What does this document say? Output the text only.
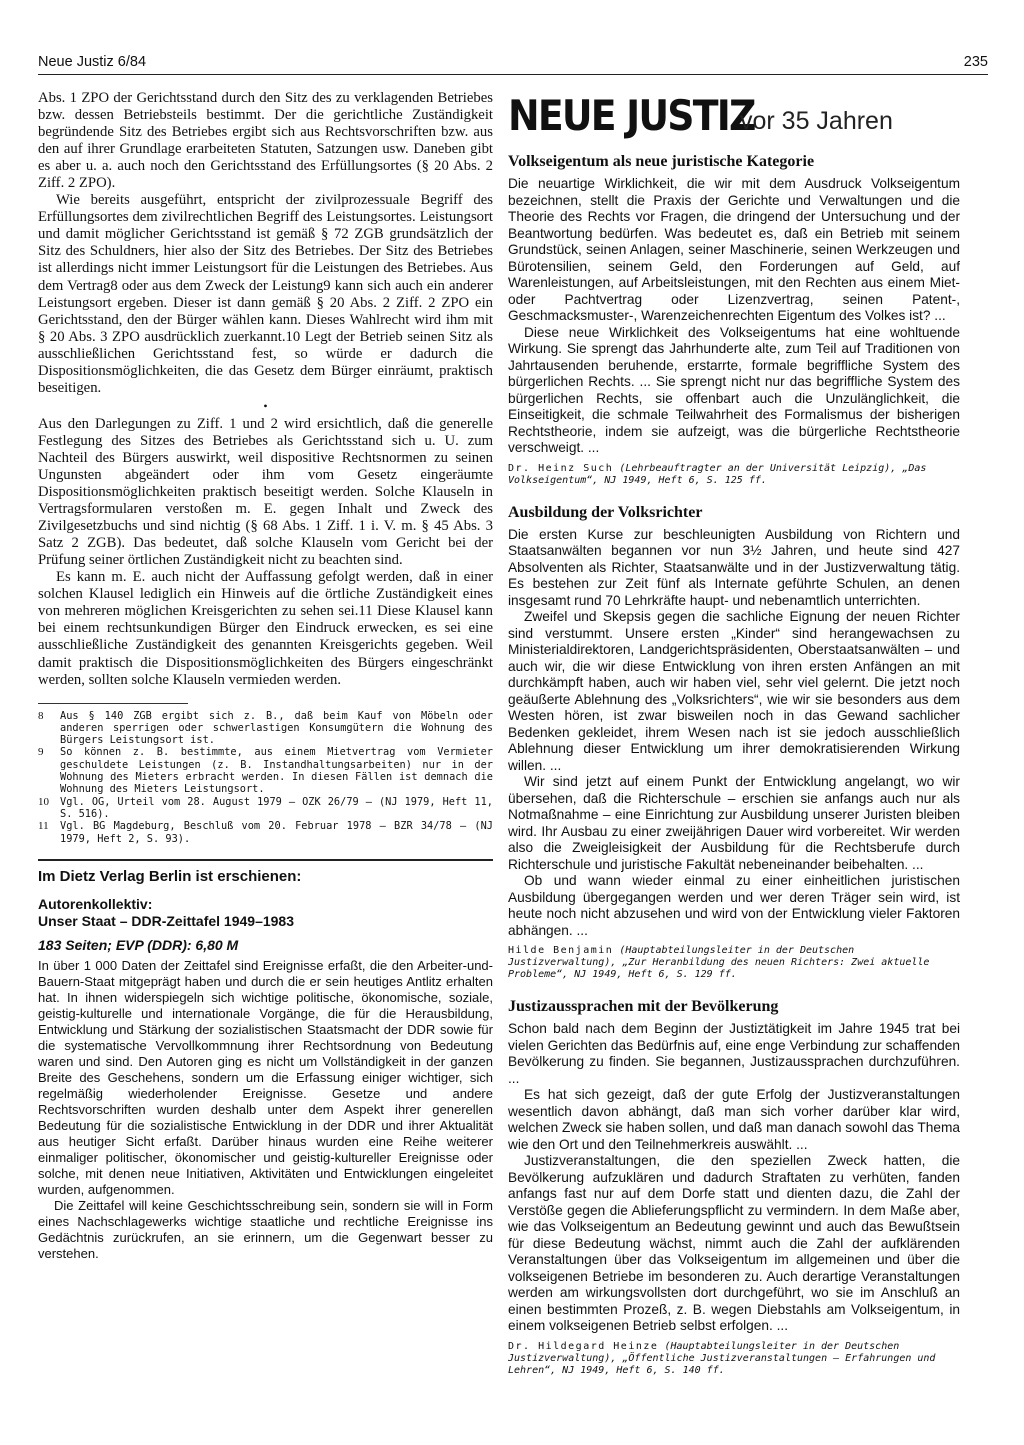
Neue Justiz 6/84	235

Abs. 1 ZPO der Gerichtsstand durch den Sitz des zu verklagenden Betriebes bzw. dessen Betriebsteils bestimmt. Der die gerichtliche Zuständigkeit begründende Sitz des Betriebes ergibt sich aus Rechtsvorschriften bzw. aus den auf ihrer Grundlage erarbeiteten Statuten, Satzungen usw. Daneben gibt es aber u. a. auch noch den Gerichtsstand des Erfüllungsortes (§ 20 Abs. 2 Ziff. 2 ZPO).

Wie bereits ausgeführt, entspricht der zivilprozessuale Begriff des Erfüllungsortes dem zivilrechtlichen Begriff des Leistungsortes. Leistungsort und damit möglicher Gerichtsstand ist gemäß § 72 ZGB grundsätzlich der Sitz des Schuldners, hier also der Sitz des Betriebes. Der Sitz des Betriebes ist allerdings nicht immer Leistungsort für die Leistungen des Betriebes. Aus dem Vertrag8 oder aus dem Zweck der Leistung9 kann sich auch ein anderer Leistungsort ergeben. Dieser ist dann gemäß § 20 Abs. 2 Ziff. 2 ZPO ein Gerichtsstand, den der Bürger wählen kann. Dieses Wahlrecht wird ihm mit § 20 Abs. 3 ZPO ausdrücklich zuerkannt.10 Legt der Betrieb seinen Sitz als ausschließlichen Gerichtsstand fest, so würde er dadurch die Dispositionsmöglichkeiten, die das Gesetz dem Bürger einräumt, praktisch beseitigen.

•

Aus den Darlegungen zu Ziff. 1 und 2 wird ersichtlich, daß die generelle Festlegung des Sitzes des Betriebes als Gerichtsstand sich u. U. zum Nachteil des Bürgers auswirkt, weil dispositive Rechtsnormen zu seinen Ungunsten abgeändert oder ihm vom Gesetz eingeräumte Dispositionsmöglichkeiten praktisch beseitigt werden. Solche Klauseln in Vertragsformularen verstoßen m. E. gegen Inhalt und Zweck des Zivilgesetzbuchs und sind nichtig (§ 68 Abs. 1 Ziff. 1 i. V. m. § 45 Abs. 3 Satz 2 ZGB). Das bedeutet, daß solche Klauseln vom Gericht bei der Prüfung seiner örtlichen Zuständigkeit nicht zu beachten sind.

Es kann m. E. auch nicht der Auffassung gefolgt werden, daß in einer solchen Klausel lediglich ein Hinweis auf die örtliche Zuständigkeit eines von mehreren möglichen Kreisgerichten zu sehen sei.11 Diese Klausel kann bei einem rechtsunkundigen Bürger den Eindruck erwecken, es sei eine ausschließliche Zuständigkeit des genannten Kreisgerichts gegeben. Weil damit praktisch die Dispositionsmöglichkeiten des Bürgers eingeschränkt werden, sollten solche Klauseln vermieden werden.

8	Aus § 140 ZGB ergibt sich z. B., daß beim Kauf von Möbeln oder anderen sperrigen oder schwerlastigen Konsumgütern die Wohnung des Bürgers Leistungsort ist.
9	So können z. B. bestimmte, aus einem Mietvertrag vom Vermieter geschuldete Leistungen (z. B. Instandhaltungsarbeiten) nur in der Wohnung des Mieters erbracht werden. In diesen Fällen ist demnach die Wohnung des Mieters Leistungsort.
10	Vgl. OG, Urteil vom 28. August 1979 – OZK 26/79 – (NJ 1979, Heft 11, S. 516).
11	Vgl. BG Magdeburg, Beschluß vom 20. Februar 1978 – BZR 34/78 – (NJ 1979, Heft 2, S. 93).
Im Dietz Verlag Berlin ist erschienen:
Autorenkollektiv:
Unser Staat – DDR-Zeittafel 1949–1983
183 Seiten; EVP (DDR): 6,80 M

In über 1 000 Daten der Zeittafel sind Ereignisse erfaßt, die den Arbeiter-und-Bauern-Staat mitgeprägt haben und durch die er sein heutiges Antlitz erhalten hat. In ihnen widerspiegeln sich wichtige politische, ökonomische, soziale, geistig-kulturelle und internationale Vorgänge, die für die Herausbildung, Entwicklung und Stärkung der sozialistischen Staatsmacht der DDR sowie für die systematische Vervollkommnung ihrer Rechtsordnung von Bedeutung waren und sind. Den Autoren ging es nicht um Vollständigkeit in der ganzen Breite des Geschehens, sondern um die Erfassung einiger wichtiger, sich regelmäßig wiederholender Ereignisse. Gesetze und andere Rechtsvorschriften wurden deshalb unter dem Aspekt ihrer generellen Bedeutung für die sozialistische Entwicklung in der DDR und ihrer Aktualität aus heutiger Sicht erfaßt. Darüber hinaus wurden eine Reihe weiterer einmaliger politischer, ökonomischer und geistig-kultureller Ereignisse oder solche, mit denen neue Initiativen, Aktivitäten und Entwicklungen eingeleitet wurden, aufgenommen.

Die Zeittafel will keine Geschichtsschreibung sein, sondern sie will in Form eines Nachschlagewerks wichtige staatliche und rechtliche Ereignisse ins Gedächtnis zurückrufen, an sie erinnern, um die Gegenwart besser zu verstehen.

NEUE JUSTIZ
vor 35 Jahren
Volkseigentum als neue juristische Kategorie

Die neuartige Wirklichkeit, die wir mit dem Ausdruck Volkseigentum bezeichnen, stellt die Praxis der Gerichte und Verwaltungen und die Theorie des Rechts vor Fragen, die dringend der Untersuchung und der Beantwortung bedürfen. Was bedeutet es, daß ein Betrieb mit seinem Grundstück, seinen Anlagen, seiner Maschinerie, seinen Werkzeugen und Bürotensilien, seinem Geld, den Forderungen auf Geld, auf Warenleistungen, auf Arbeitsleistungen, mit den Rechten aus einem Miet- oder Pachtvertrag oder Lizenzvertrag, seinen Patent-, Geschmacksmuster-, Warenzeichenrechten Eigentum des Volkes ist? ...

Diese neue Wirklichkeit des Volkseigentums hat eine wohltuende Wirkung. Sie sprengt das Jahrhunderte alte, zum Teil auf Traditionen von Jahrtausenden beruhende, erstarrte, formale begriffliche System des bürgerlichen Rechts. ... Sie sprengt nicht nur das begriffliche System des bürgerlichen Rechts, sie offenbart auch die Unzulänglichkeit, die Einseitigkeit, die schmale Teilwahrheit des Formalismus der bisherigen Rechtstheorie, indem sie aufzeigt, was die bürgerliche Rechtstheorie verschweigt. ...

Dr. Heinz Such (Lehrbeauftragter an der Universität Leipzig), „Das Volkseigentum“, NJ 1949, Heft 6, S. 125 ff.

Ausbildung der Volksrichter

Die ersten Kurse zur beschleunigten Ausbildung von Richtern und Staatsanwälten begannen vor nun 3½ Jahren, und heute sind 427 Absolventen als Richter, Staatsanwälte und in der Justizverwaltung tätig. Es bestehen zur Zeit fünf als Internate geführte Schulen, an denen insgesamt rund 70 Lehrkräfte haupt- und nebenamtlich unterrichten.

Zweifel und Skepsis gegen die sachliche Eignung der neuen Richter sind verstummt. Unsere ersten „Kinder“ sind herangewachsen zu Ministerialdirektoren, Landgerichtspräsidenten, Oberstaatsanwälten – und auch wir, die wir diese Entwicklung von ihren ersten Anfängen an mit durchkämpft haben, auch wir haben viel, sehr viel gelernt. Die jetzt noch geäußerte Ablehnung des „Volksrichters“, wie wir sie besonders aus dem Westen hören, ist zwar bisweilen noch in das Gewand sachlicher Bedenken gekleidet, ihrem Wesen nach ist sie jedoch ausschließlich Ablehnung dieser Entwicklung um ihrer demokratisierenden Wirkung willen. ...

Wir sind jetzt auf einem Punkt der Entwicklung angelangt, wo wir übersehen, daß die Richterschule – erschien sie anfangs auch nur als Notmaßnahme – eine Einrichtung zur Ausbildung unserer Juristen bleiben wird. Ihr Ausbau zu einer zweijährigen Dauer wird vorbereitet. Wir werden also die Zweigleisigkeit der Ausbildung für die Rechtsberufe durch Richterschule und juristische Fakultät nebeneinander beibehalten. ...

Ob und wann wieder einmal zu einer einheitlichen juristischen Ausbildung übergegangen werden und wer deren Träger sein wird, ist heute noch nicht abzusehen und wird von der Entwicklung vieler Faktoren abhängen. ...

Hilde Benjamin (Hauptabteilungsleiter in der Deutschen Justizverwaltung), „Zur Heranbildung des neuen Richters: Zwei aktuelle Probleme“, NJ 1949, Heft 6, S. 129 ff.

Justizaussprachen mit der Bevölkerung

Schon bald nach dem Beginn der Justiztätigkeit im Jahre 1945 trat bei vielen Gerichten das Bedürfnis auf, eine enge Verbindung zur schaffenden Bevölkerung zu finden. Sie begannen, Justizaussprachen durchzuführen. ...

Es hat sich gezeigt, daß der gute Erfolg der Justizveranstaltungen wesentlich davon abhängt, daß man sich vorher darüber klar wird, welchen Zweck sie haben sollen, und daß man danach sowohl das Thema wie den Ort und den Teilnehmerkreis auswählt. ...

Justizveranstaltungen, die den speziellen Zweck hatten, die Bevölkerung aufzuklären und dadurch Straftaten zu verhüten, fanden anfangs fast nur auf dem Dorfe statt und dienten dazu, die Zahl der Verstöße gegen die Ablieferungspflicht zu vermindern. In dem Maße aber, wie das Volkseigentum an Bedeutung gewinnt und auch das Bewußtsein für diese Bedeutung wächst, nimmt auch die Zahl der aufklärenden Veranstaltungen über das Volkseigentum im allgemeinen und über die volkseigenen Betriebe im besonderen zu. Auch derartige Veranstaltungen werden am wirkungsvollsten dort durchgeführt, wo sie im Anschluß an einen bestimmten Prozeß, z. B. wegen Diebstahls am Volkseigentum, in einem volkseigenen Betrieb selbst erfolgen. ...

Dr. Hildegard Heinze (Hauptabteilungsleiter in der Deutschen Justizverwaltung), „Öffentliche Justizveranstaltungen – Erfahrungen und Lehren“, NJ 1949, Heft 6, S. 140 ff.
